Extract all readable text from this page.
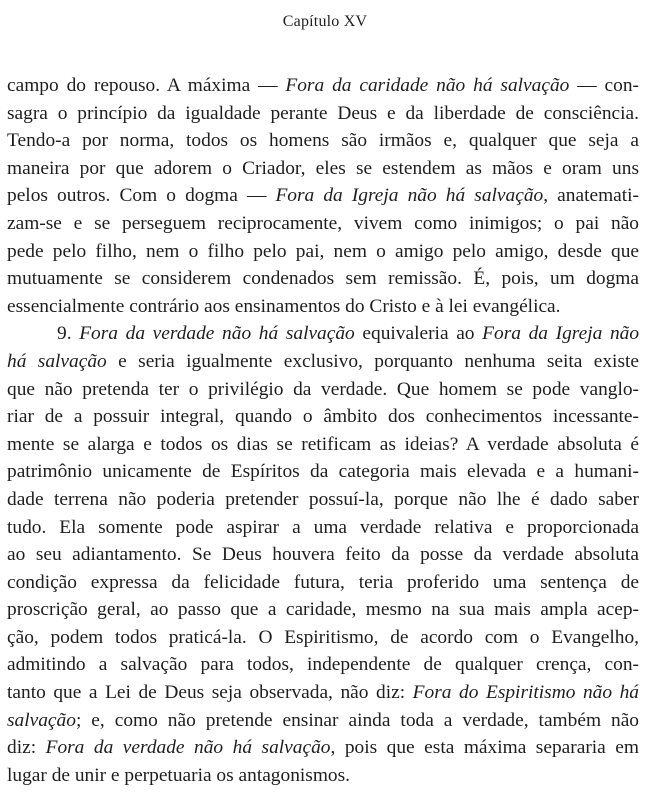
Capítulo XV
campo do repouso. A máxima — Fora da caridade não há salvação — con-
sagra o princípio da igualdade perante Deus e da liberdade de consciência.
Tendo-a por norma, todos os homens são irmãos e, qualquer que seja a
maneira por que adorem o Criador, eles se estendem as mãos e oram uns
pelos outros. Com o dogma — Fora da Igreja não há salvação, anatemati-
zam-se e se perseguem reciprocamente, vivem como inimigos; o pai não
pede pelo filho, nem o filho pelo pai, nem o amigo pelo amigo, desde que
mutuamente se considerem condenados sem remissão. É, pois, um dogma
essencialmente contrário aos ensinamentos do Cristo e à lei evangélica.
9. Fora da verdade não há salvação equivaleria ao Fora da Igreja não
há salvação e seria igualmente exclusivo, porquanto nenhuma seita existe
que não pretenda ter o privilégio da verdade. Que homem se pode vanglo-
riar de a possuir integral, quando o âmbito dos conhecimentos incessante-
mente se alarga e todos os dias se retificam as ideias? A verdade absoluta é
patrimônio unicamente de Espíritos da categoria mais elevada e a humani-
dade terrena não poderia pretender possuí-la, porque não lhe é dado saber
tudo. Ela somente pode aspirar a uma verdade relativa e proporcionada
ao seu adiantamento. Se Deus houvera feito da posse da verdade absoluta
condição expressa da felicidade futura, teria proferido uma sentença de
proscrição geral, ao passo que a caridade, mesmo na sua mais ampla acep-
ção, podem todos praticá-la. O Espiritismo, de acordo com o Evangelho,
admitindo a salvação para todos, independente de qualquer crença, con-
tanto que a Lei de Deus seja observada, não diz: Fora do Espiritismo não há
salvação; e, como não pretende ensinar ainda toda a verdade, também não
diz: Fora da verdade não há salvação, pois que esta máxima separaria em
lugar de unir e perpetuaria os antagonismos.
